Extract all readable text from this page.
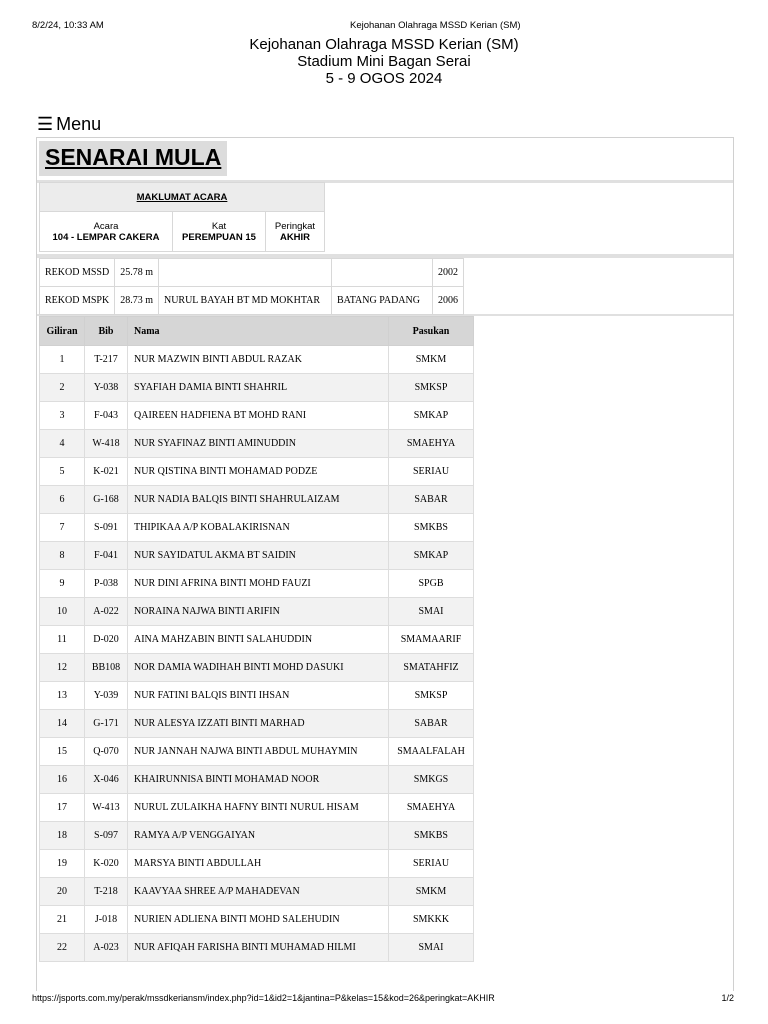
8/2/24, 10:33 AM	Kejohanan Olahraga MSSD Kerian (SM)
Kejohanan Olahraga MSSD Kerian (SM)
Stadium Mini Bagan Serai
5 - 9 OGOS 2024
☰ Menu
SENARAI MULA
MAKLUMAT ACARA

Acara
104 - LEMPAR CAKERA

Kat
PEREMPUAN 15

Peringkat
AKHIR
REKOD MSSD	25.78 m			2002
REKOD MSPK	28.73 m	NURUL BAYAH BT MD MOKHTAR	BATANG PADANG	2006
Giliran	Bib	Nama	Pasukan
1	T-217	NUR MAZWIN BINTI ABDUL RAZAK	SMKM
2	Y-038	SYAFIAH DAMIA BINTI SHAHRIL	SMKSP
3	F-043	QAIREEN HADFIENA BT MOHD RANI	SMKAP
4	W-418	NUR SYAFINAZ BINTI AMINUDDIN	SMAEHYA
5	K-021	NUR QISTINA BINTI MOHAMAD PODZE	SERIAU
6	G-168	NUR NADIA BALQIS BINTI SHAHRULAIZAM	SABAR
7	S-091	THIPIKAA A/P KOBALAKIRISNAN	SMKBS
8	F-041	NUR SAYIDATUL AKMA BT SAIDIN	SMKAP
9	P-038	NUR DINI AFRINA BINTI MOHD FAUZI	SPGB
10	A-022	NORAINA NAJWA BINTI ARIFIN	SMAI
11	D-020	AINA MAHZABIN BINTI SALAHUDDIN	SMAMAARIF
12	BB108	NOR DAMIA WADIHAH BINTI MOHD DASUKI	SMATAHFIZ
13	Y-039	NUR FATINI BALQIS BINTI IHSAN	SMKSP
14	G-171	NUR ALESYA IZZATI BINTI MARHAD	SABAR
15	Q-070	NUR JANNAH NAJWA BINTI ABDUL MUHAYMIN	SMAALFALAH
16	X-046	KHAIRUNNISA BINTI MOHAMAD NOOR	SMKGS
17	W-413	NURUL ZULAIKHA HAFNY BINTI NURUL HISAM	SMAEHYA
18	S-097	RAMYA A/P VENGGAIYAN	SMKBS
19	K-020	MARSYA BINTI ABDULLAH	SERIAU
20	T-218	KAAVYAA SHREE A/P MAHADEVAN	SMKM
21	J-018	NURIEN ADLIENA BINTI MOHD SALEHUDIN	SMKKK
22	A-023	NUR AFIQAH FARISHA BINTI MUHAMAD HILMI	SMAI
https://jsports.com.my/perak/mssdkeriansm/index.php?id=1&id2=1&jantina=P&kelas=15&kod=26&peringkat=AKHIR	1/2
